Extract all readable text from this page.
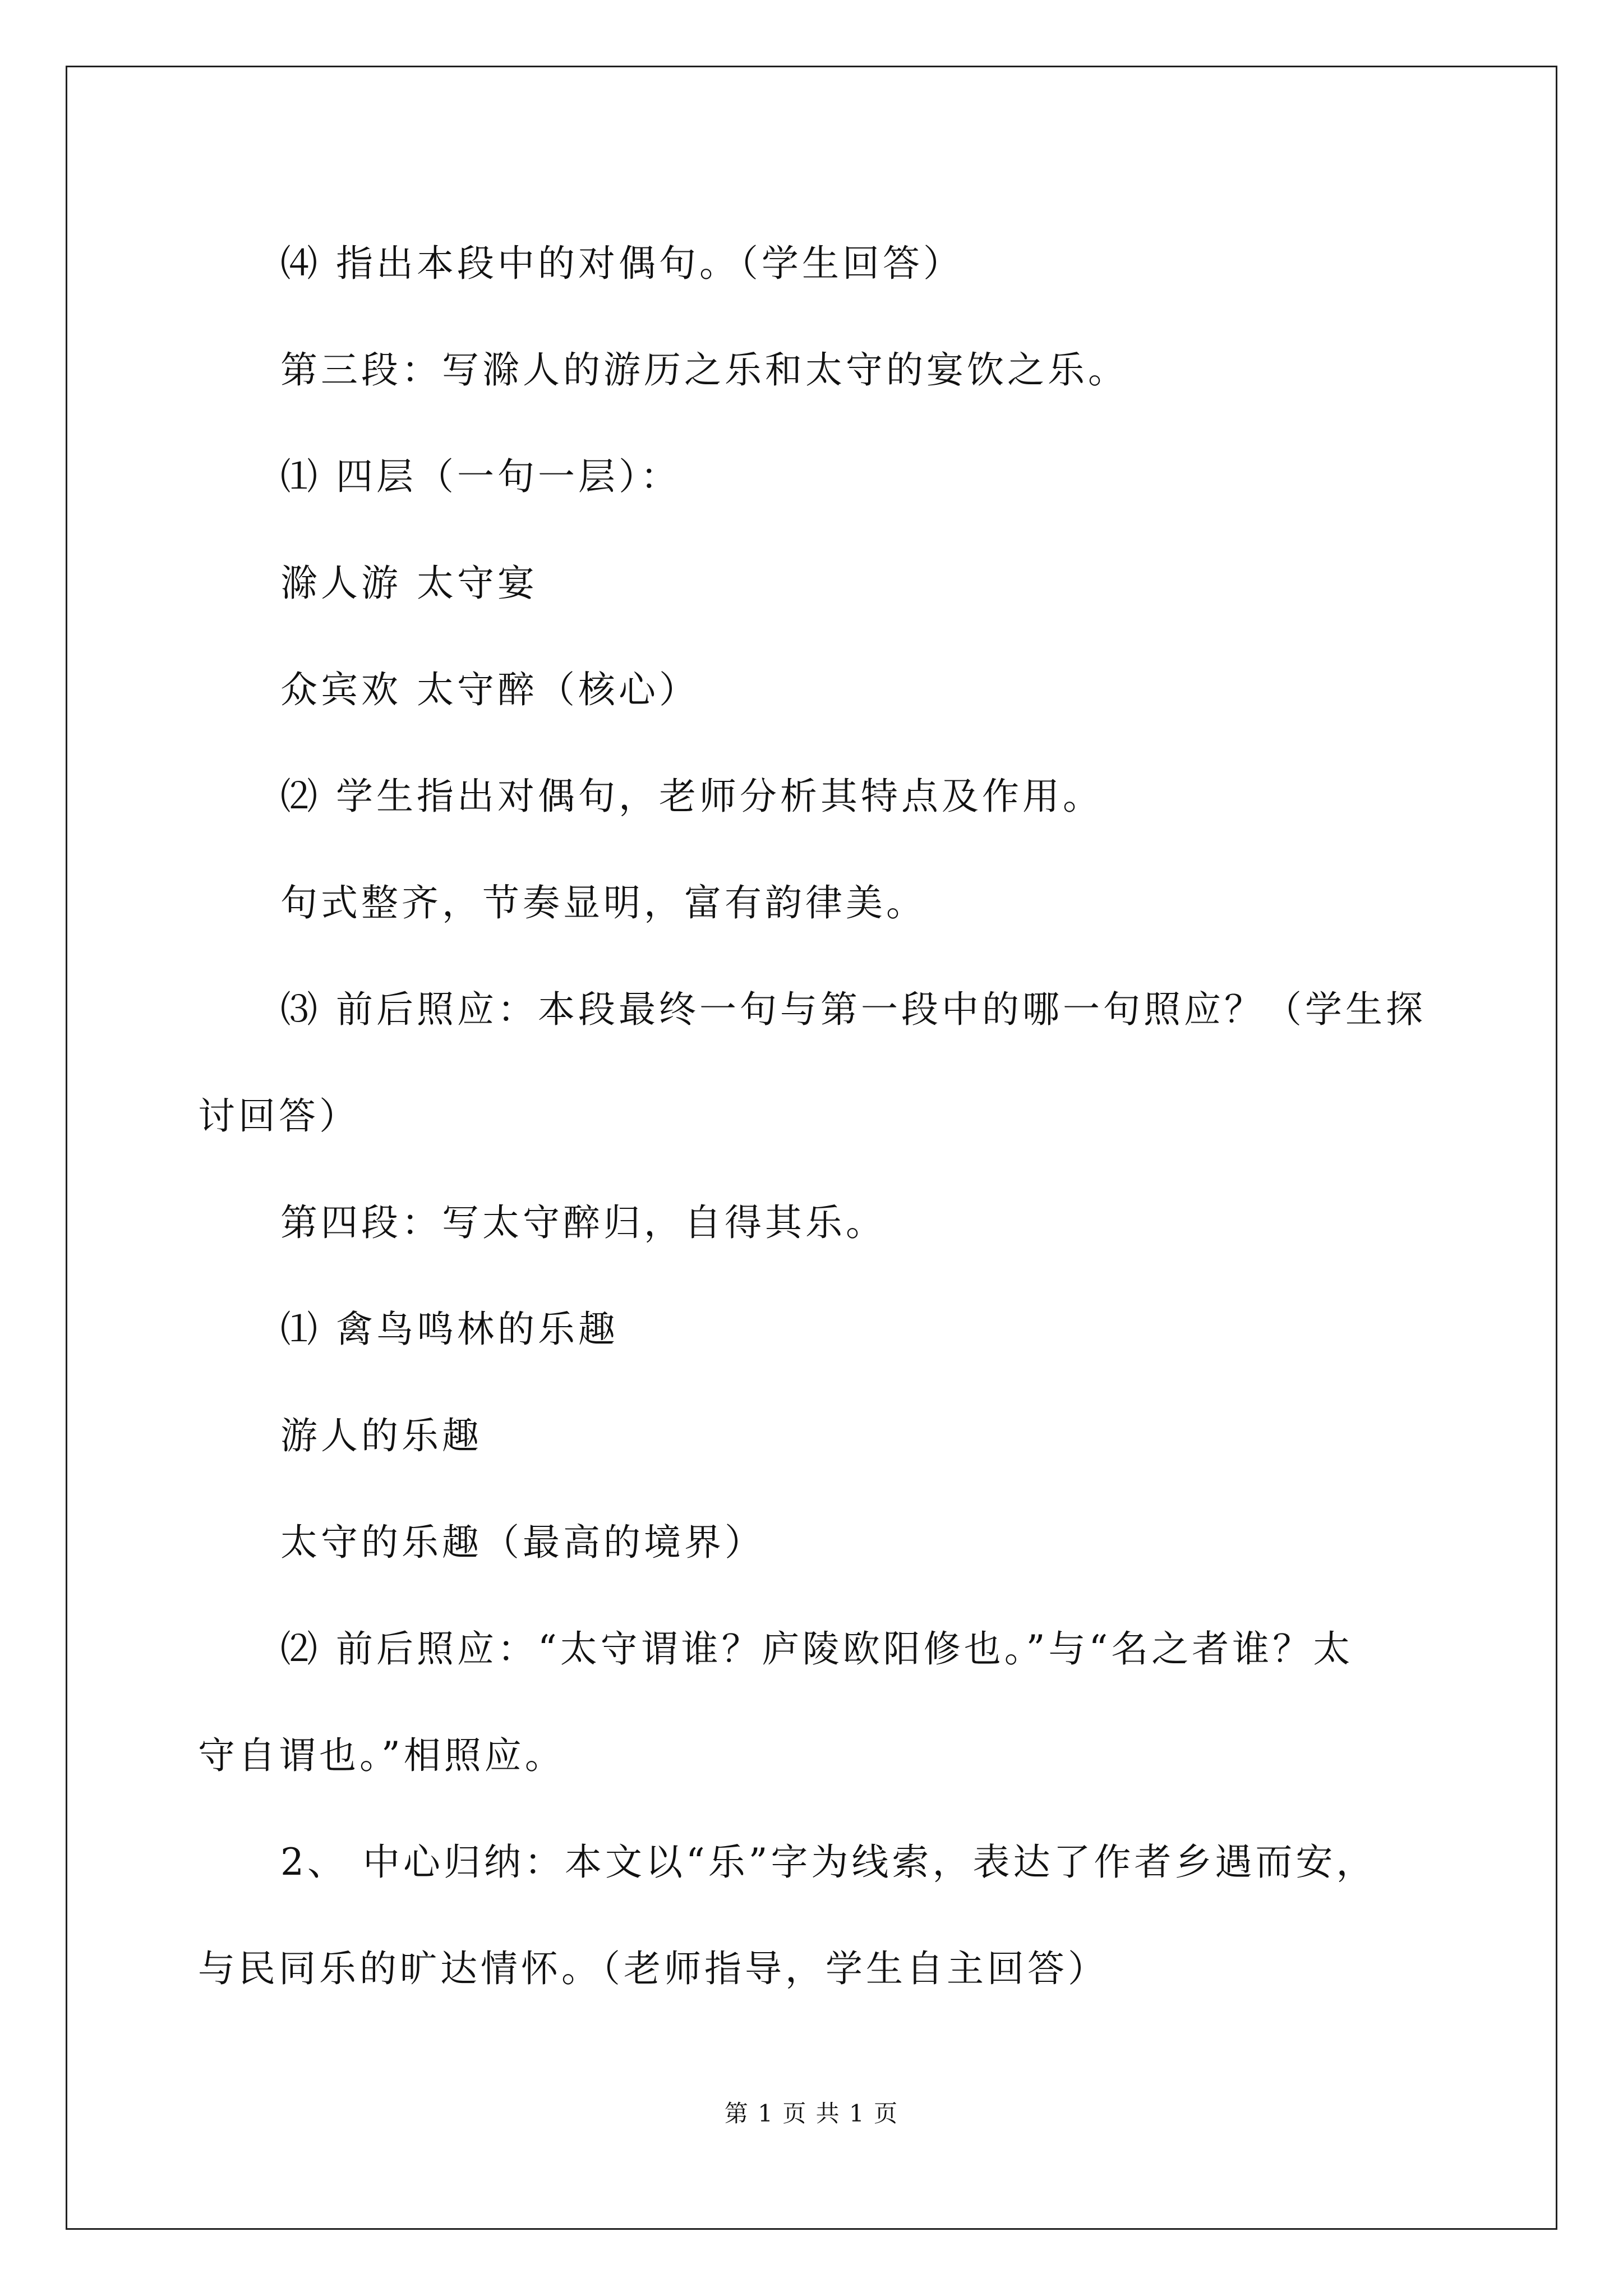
⑷ 指出本段中的对偶句。（学生回答）

第三段：写滁人的游历之乐和太守的宴饮之乐。

⑴ 四层（一句一层）：

滁人游 太守宴

众宾欢 太守醉（核心）

⑵ 学生指出对偶句，老师分析其特点及作用。

句式整齐，节奏显明，富有韵律美。

⑶ 前后照应：本段最终一句与第一段中的哪一句照应？（学生探

讨回答）

第四段：写太守醉归，自得其乐。

⑴ 禽鸟鸣林的乐趣

游人的乐趣

太守的乐趣（最高的境界）

⑵ 前后照应：“太守谓谁？庐陵欧阳修也。”与“名之者谁？太

守自谓也。”相照应。

2、 中心归纳：本文以“乐”字为线索，表达了作者乡遇而安，

与民同乐的旷达情怀。（老师指导，学生自主回答）

第 1 页 共 1 页
